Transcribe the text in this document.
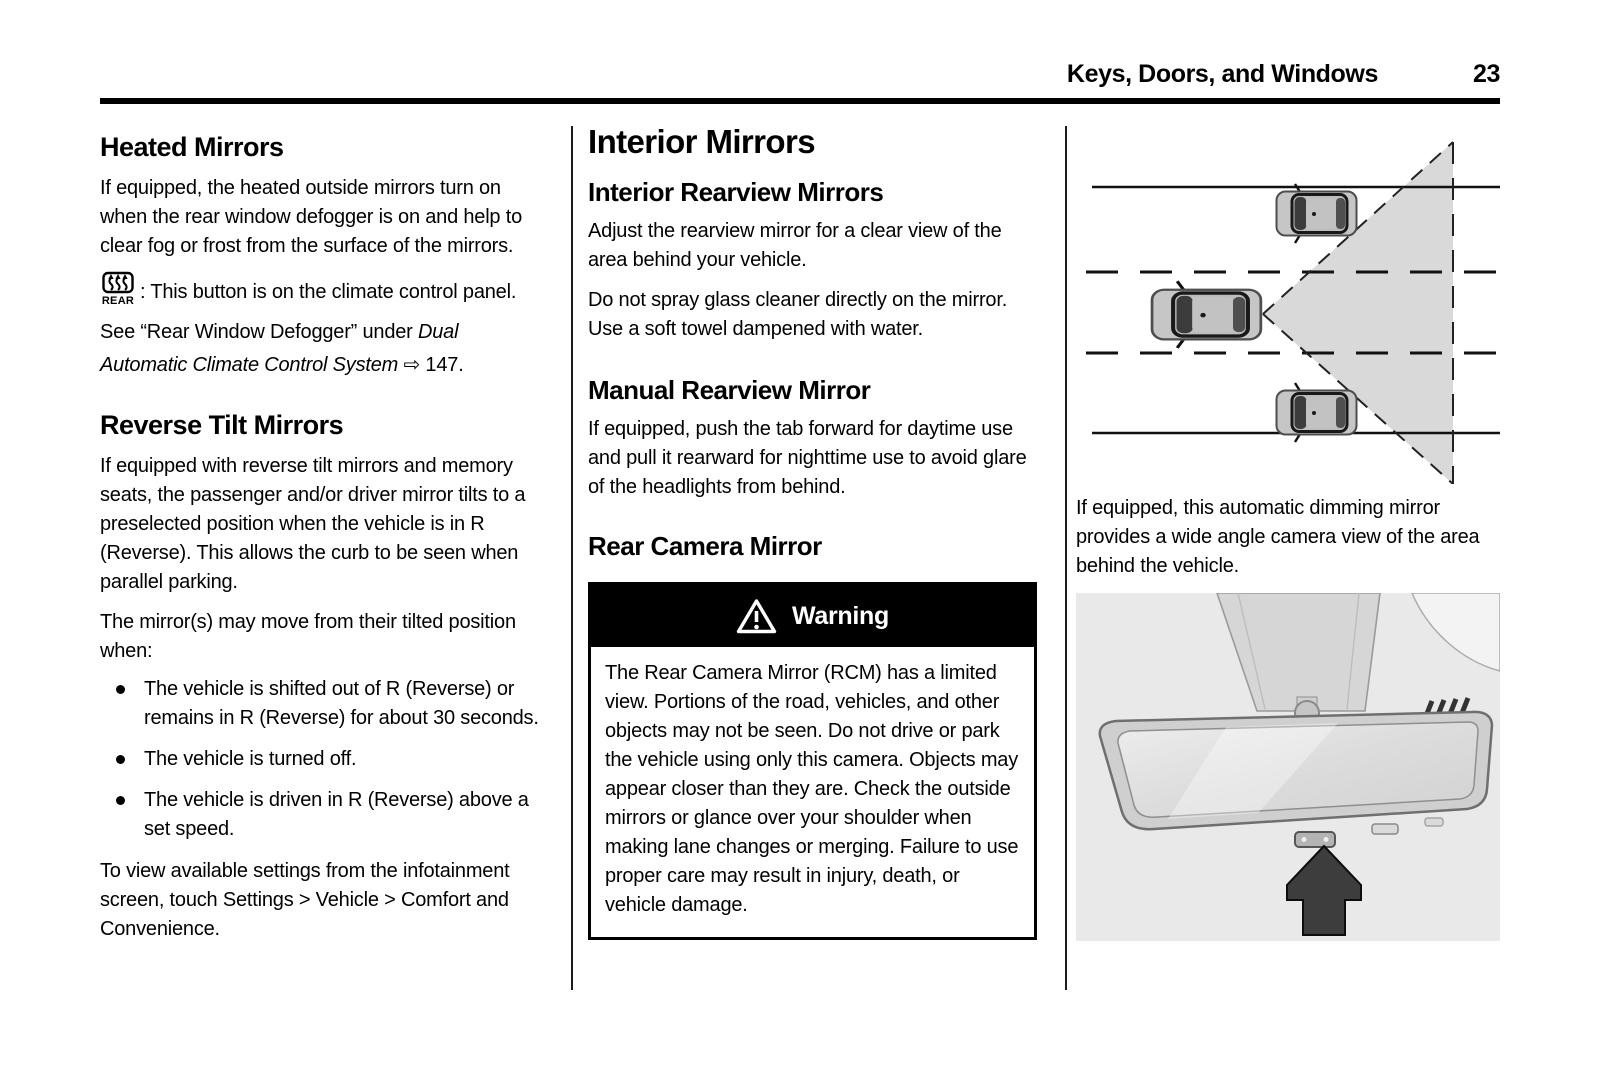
Keys, Doors, and Windows	23
Heated Mirrors

If equipped, the heated outside mirrors turn on when the rear window defogger is on and help to clear fog or frost from the surface of the mirrors.

REAR : This button is on the climate control panel.

See “Rear Window Defogger” under Dual Automatic Climate Control System ⇨ 147.

Reverse Tilt Mirrors

If equipped with reverse tilt mirrors and memory seats, the passenger and/or driver mirror tilts to a preselected position when the vehicle is in R (Reverse). This allows the curb to be seen when parallel parking.

The mirror(s) may move from their tilted position when:

The vehicle is shifted out of R (Reverse) or remains in R (Reverse) for about 30 seconds.
The vehicle is turned off.
The vehicle is driven in R (Reverse) above a set speed.

To view available settings from the infotainment screen, touch Settings > Vehicle > Comfort and Convenience.

Interior Mirrors
Interior Rearview Mirrors

Adjust the rearview mirror for a clear view of the area behind your vehicle.

Do not spray glass cleaner directly on the mirror. Use a soft towel dampened with water.

Manual Rearview Mirror

If equipped, push the tab forward for daytime use and pull it rearward for nighttime use to avoid glare of the headlights from behind.

Rear Camera Mirror
Warning
The Rear Camera Mirror (RCM) has a limited view. Portions of the road, vehicles, and other objects may not be seen. Do not drive or park the vehicle using only this camera. Objects may appear closer than they are. Check the outside mirrors or glance over your shoulder when making lane changes or merging. Failure to use proper care may result in injury, death, or vehicle damage.

If equipped, this automatic dimming mirror provides a wide angle camera view of the area behind the vehicle.
